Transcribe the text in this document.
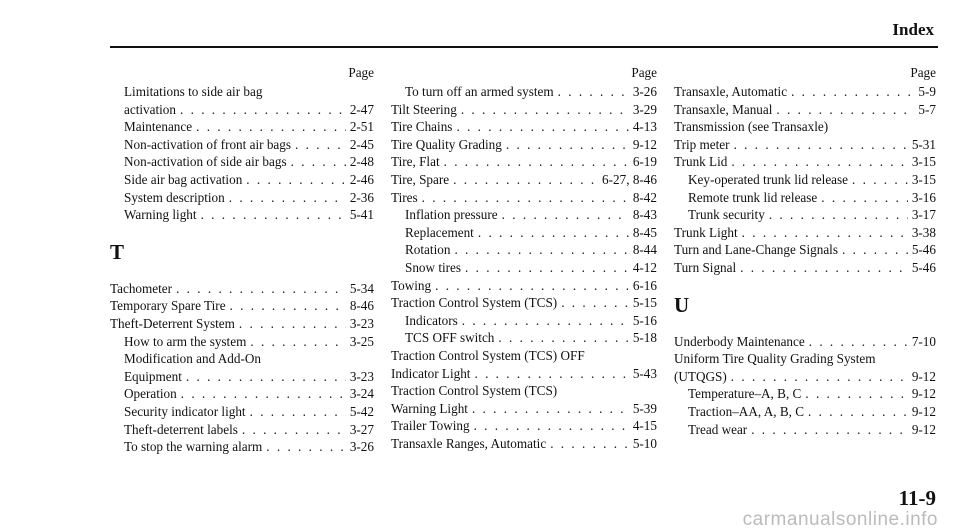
Index
Page
Limitations to side air bag
activation . . .	2-47
Maintenance . . .	2-51
Non-activation of front air bags . . .	2-45
Non-activation of side air bags . . .	2-48
Side air bag activation . . .	2-46
System description . . .	2-36
Warning light . . .	5-41
T
Tachometer . . .	5-34
Temporary Spare Tire . . .	8-46
Theft-Deterrent System . . .	3-23
How to arm the system . . .	3-25
Modification and Add-On
Equipment . . .	3-23
Operation . . .	3-24
Security indicator light . . .	5-42
Theft-deterrent labels . . .	3-27
To stop the warning alarm . . .	3-26
Page
To turn off an armed system . . .	3-26
Tilt Steering . . .	3-29
Tire Chains . . .	4-13
Tire Quality Grading . . .	9-12
Tire, Flat . . .	6-19
Tire, Spare . . .	6-27, 8-46
Tires . . .	8-42
Inflation pressure . . .	8-43
Replacement . . .	8-45
Rotation . . .	8-44
Snow tires . . .	4-12
Towing . . .	6-16
Traction Control System (TCS) . . .	5-15
Indicators . . .	5-16
TCS OFF switch . . .	5-18
Traction Control System (TCS) OFF
Indicator Light . . .	5-43
Traction Control System (TCS)
Warning Light . . .	5-39
Trailer Towing . . .	4-15
Transaxle Ranges, Automatic . . .	5-10
Page
Transaxle, Automatic . . .	5-9
Transaxle, Manual . . .	5-7
Transmission (see Transaxle)
Trip meter . . .	5-31
Trunk Lid . . .	3-15
Key-operated trunk lid release . . .	3-15
Remote trunk lid release . . .	3-16
Trunk security . . .	3-17
Trunk Light . . .	3-38
Turn and Lane-Change Signals . . .	5-46
Turn Signal . . .	5-46
U
Underbody Maintenance . . .	7-10
Uniform Tire Quality Grading System
(UTQGS) . . .	9-12
Temperature–A, B, C . . .	9-12
Traction–AA, A, B, C . . .	9-12
Tread wear . . .	9-12
11-9
carmanualsonline.info
